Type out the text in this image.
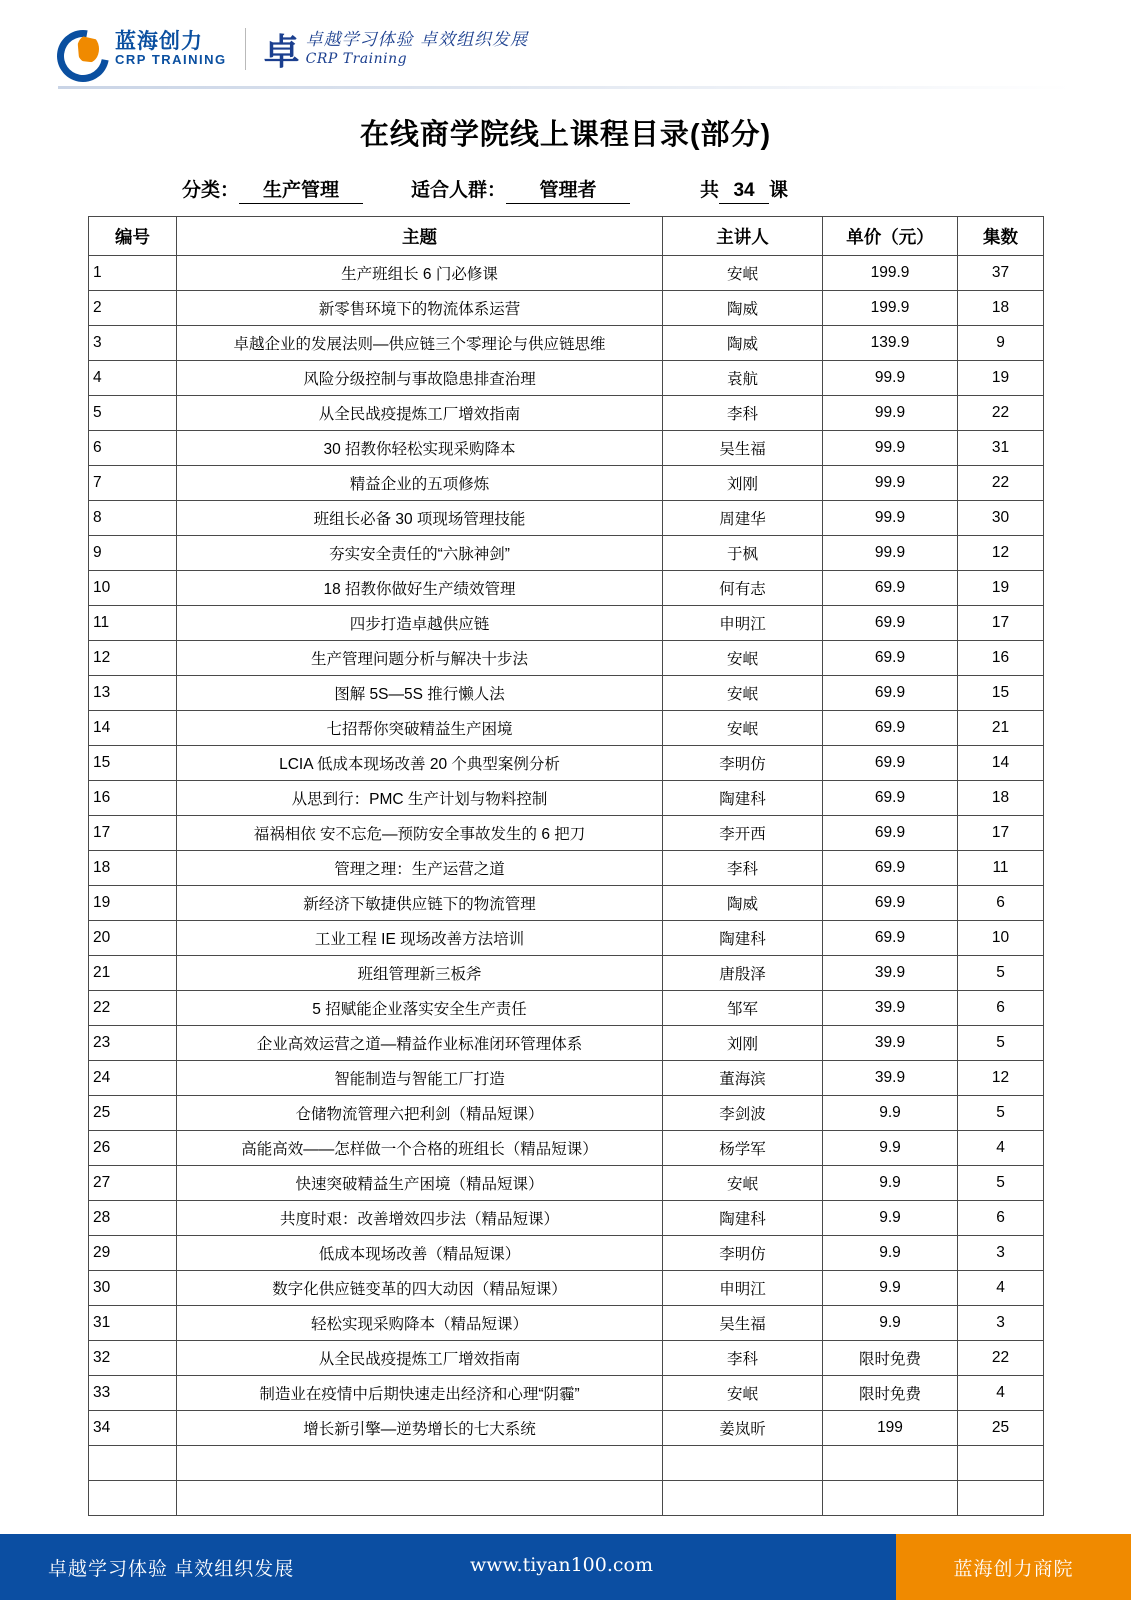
蓝海创力
CRP TRAINING 卓 卓越学习体验 卓效组织发展
CRP Training
在线商学院线上课程目录(部分)
分类：	生产管理	适合人群：	管理者	共 34 课
编号	主题	主讲人	单价（元）	集数
1	生产班组长 6 门必修课	安岷	199.9	37
2	新零售环境下的物流体系运营	陶威	199.9	18
3	卓越企业的发展法则—供应链三个零理论与供应链思维	陶威	139.9	9
4	风险分级控制与事故隐患排查治理	袁航	99.9	19
5	从全民战疫提炼工厂增效指南	李科	99.9	22
6	30 招教你轻松实现采购降本	吴生福	99.9	31
7	精益企业的五项修炼	刘刚	99.9	22
8	班组长必备 30 项现场管理技能	周建华	99.9	30
9	夯实安全责任的“六脉神剑”	于枫	99.9	12
10	18 招教你做好生产绩效管理	何有志	69.9	19
11	四步打造卓越供应链	申明江	69.9	17
12	生产管理问题分析与解决十步法	安岷	69.9	16
13	图解 5S—5S 推行懒人法	安岷	69.9	15
14	七招帮你突破精益生产困境	安岷	69.9	21
15	LCIA 低成本现场改善 20 个典型案例分析	李明仿	69.9	14
16	从思到行：PMC 生产计划与物料控制	陶建科	69.9	18
17	福祸相依 安不忘危—预防安全事故发生的 6 把刀	李开西	69.9	17
18	管理之理：生产运营之道	李科	69.9	11
19	新经济下敏捷供应链下的物流管理	陶威	69.9	6
20	工业工程 IE 现场改善方法培训	陶建科	69.9	10
21	班组管理新三板斧	唐殷泽	39.9	5
22	5 招赋能企业落实安全生产责任	邹军	39.9	6
23	企业高效运营之道—精益作业标准闭环管理体系	刘刚	39.9	5
24	智能制造与智能工厂打造	董海滨	39.9	12
25	仓储物流管理六把利剑（精品短课）	李剑波	9.9	5
26	高能高效——怎样做一个合格的班组长（精品短课）	杨学军	9.9	4
27	快速突破精益生产困境（精品短课）	安岷	9.9	5
28	共度时艰：改善增效四步法（精品短课）	陶建科	9.9	6
29	低成本现场改善（精品短课）	李明仿	9.9	3
30	数字化供应链变革的四大动因（精品短课）	申明江	9.9	4
31	轻松实现采购降本（精品短课）	吴生福	9.9	3
32	从全民战疫提炼工厂增效指南	李科	限时免费	22
33	制造业在疫情中后期快速走出经济和心理“阴霾”	安岷	限时免费	4
34	增长新引擎—逆势增长的七大系统	姜岚昕	199	25

卓越学习体验 卓效组织发展	www.tiyan100.com	蓝海创力商院
